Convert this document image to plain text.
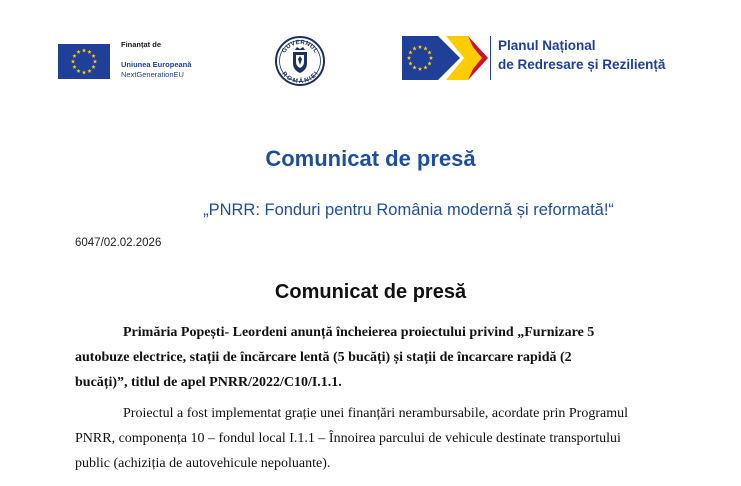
Finanțat de
Uniunea Europeană
NextGenerationEU
GUVERNUL
ROMÂNIEI
Planul Național
de Redresare și Reziliență
Comunicat de presă
„PNRR: Fonduri pentru România modernă și reformată!“
6047/02.02.2026
Comunicat de presă
Primăria Popești- Leordeni anunță încheierea proiectului privind „Furnizare 5
autobuze electrice, stații de încărcare lentă (5 bucăți) și stații de încarcare rapidă (2
bucăți)”, titlul de apel PNRR/2022/C10/I.1.1.
Proiectul a fost implementat grație unei finanțări nerambursabile, acordate prin Programul
PNRR, componența 10 – fondul local I.1.1 – Înnoirea parcului de vehicule destinate transportului
public (achiziția de autovehicule nepoluante).
